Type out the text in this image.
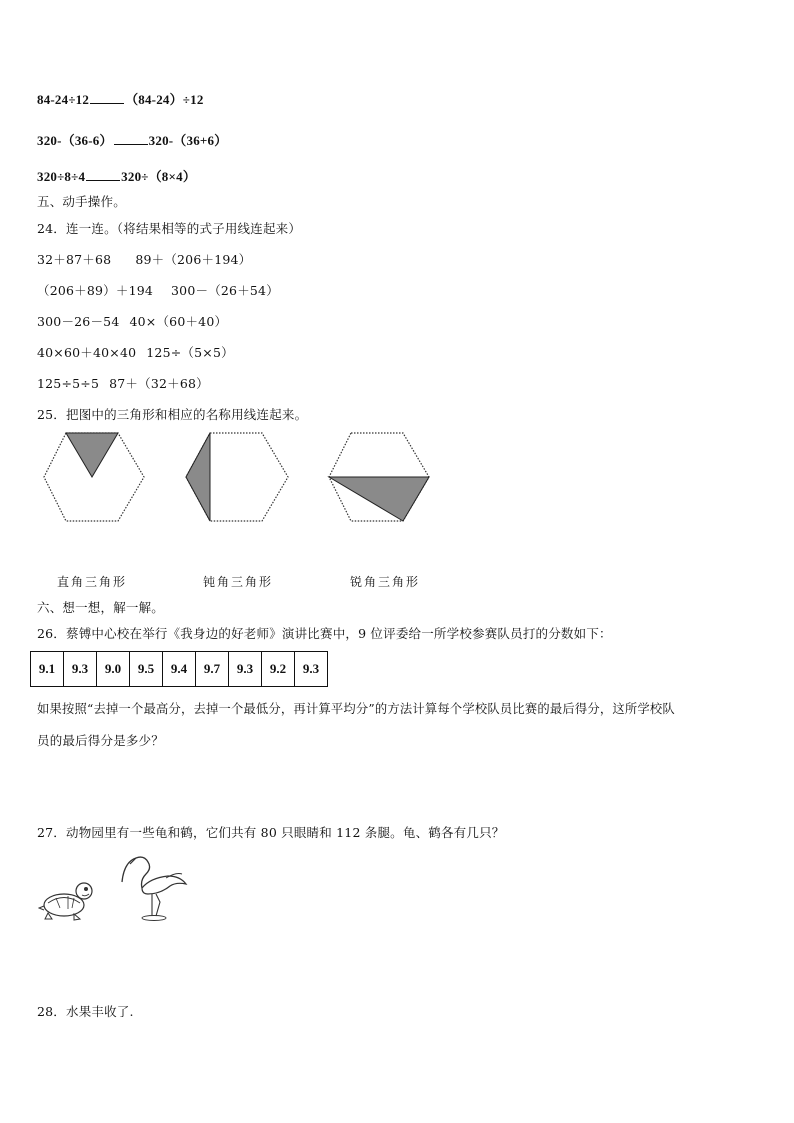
84-24÷12	（84-24）÷12
320-（36-6）	320-（36+6）
320÷8÷4	320÷（8×4）
五、动手操作。
24．连一连。（将结果相等的式子用线连起来）
32＋87＋68 89＋（206＋194）
（206＋89）＋194 300－（26＋54）
300－26－54 40×（60＋40）
40×60＋40×40 125÷（5×5）
125÷5÷5 87＋（32＋68）
25．把图中的三角形和相应的名称用线连起来。
直角三角形	钝角三角形	锐角三角形
六、想一想，解一解。
26．蔡镈中心校在举行《我身边的好老师》演讲比赛中，9 位评委给一所学校参赛队员打的分数如下：
9.1	9.3	9.0	9.5	9.4	9.7	9.3	9.2	9.3
如果按照“去掉一个最高分，去掉一个最低分，再计算平均分”的方法计算每个学校队员比赛的最后得分，这所学校队
员的最后得分是多少？
27．动物园里有一些龟和鹤，它们共有 80 只眼睛和 112 条腿。龟、鹤各有几只？
28．水果丰收了.
